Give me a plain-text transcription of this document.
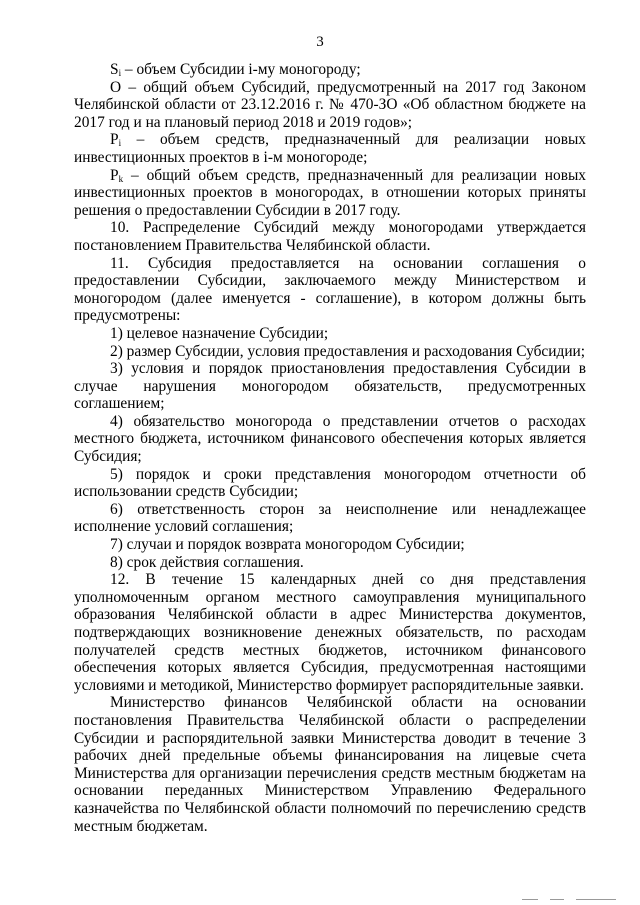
3

$S_i$ – объем Субсидии i-му моногороду;

О – общий объем Субсидий, предусмотренный на 2017 год Законом Челябинской области от 23.12.2016 г. № 470-ЗО «Об областном бюджете на 2017 год и на плановый период 2018 и 2019 годов»;

$P_i$ – объем средств, предназначенный для реализации новых инвестиционных проектов в i-м моногороде;

$P_k$ – общий объем средств, предназначенный для реализации новых инвестиционных проектов в моногородах, в отношении которых приняты решения о предоставлении Субсидии в 2017 году.

10. Распределение Субсидий между моногородами утверждается постановлением Правительства Челябинской области.

11. Субсидия предоставляется на основании соглашения о предоставлении Субсидии, заключаемого между Министерством и моногородом (далее именуется - соглашение), в котором должны быть предусмотрены:

1) целевое назначение Субсидии;

2) размер Субсидии, условия предоставления и расходования Субсидии;

3) условия и порядок приостановления предоставления Субсидии в случае нарушения моногородом обязательств, предусмотренных соглашением;

4) обязательство моногорода о представлении отчетов о расходах местного бюджета, источником финансового обеспечения которых является Субсидия;

5) порядок и сроки представления моногородом отчетности об использовании средств Субсидии;

6) ответственность сторон за неисполнение или ненадлежащее исполнение условий соглашения;

7) случаи и порядок возврата моногородом Субсидии;

8) срок действия соглашения.

12. В течение 15 календарных дней со дня представления уполномоченным органом местного самоуправления муниципального образования Челябинской области в адрес Министерства документов, подтверждающих возникновение денежных обязательств, по расходам получателей средств местных бюджетов, источником финансового обеспечения которых является Субсидия, предусмотренная настоящими условиями и методикой, Министерство формирует распорядительные заявки.

Министерство финансов Челябинской области на основании постановления Правительства Челябинской области о распределении Субсидии и распорядительной заявки Министерства доводит в течение 3 рабочих дней предельные объемы финансирования на лицевые счета Министерства для организации перечисления средств местным бюджетам на основании переданных Министерством Управлению Федерального казначейства по Челябинской области полномочий по перечислению средств местным бюджетам.
